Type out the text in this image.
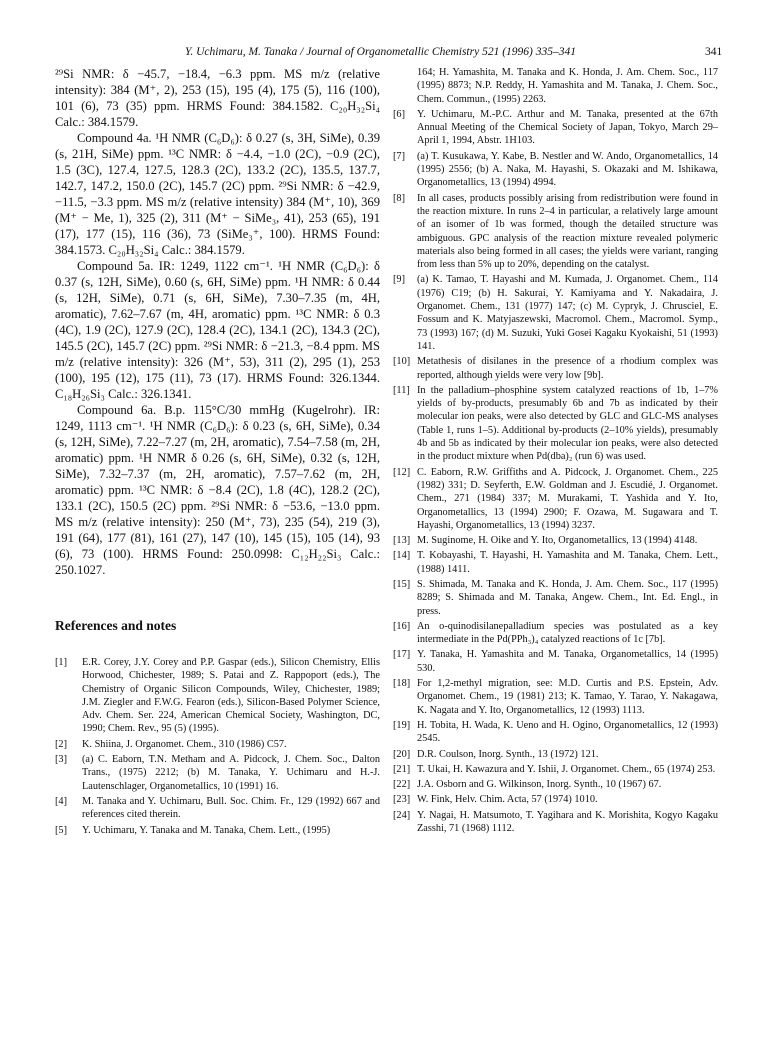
Y. Uchimaru, M. Tanaka / Journal of Organometallic Chemistry 521 (1996) 335–341	341

²⁹Si NMR: δ −45.7, −18.4, −6.3 ppm. MS m/z (relative intensity): 384 (M⁺, 2), 253 (15), 195 (4), 175 (5), 116 (100), 101 (6), 73 (35) ppm. HRMS Found: 384.1582. C₂₀H₃₂Si₄ Calc.: 384.1579.

Compound 4a. ¹H NMR (C₆D₆): δ 0.27 (s, 3H, SiMe), 0.39 (s, 21H, SiMe) ppm. ¹³C NMR: δ −4.4, −1.0 (2C), −0.9 (2C), 1.5 (3C), 127.4, 127.5, 128.3 (2C), 133.2 (2C), 135.5, 137.7, 142.7, 147.2, 150.0 (2C), 145.7 (2C) ppm. ²⁹Si NMR: δ −42.9, −11.5, −3.3 ppm. MS m/z (relative intensity) 384 (M⁺, 10), 369 (M⁺ − Me, 1), 325 (2), 311 (M⁺ − SiMe₃, 41), 253 (65), 191 (17), 177 (15), 116 (36), 73 (SiMe₃⁺, 100). HRMS Found: 384.1573. C₂₀H₃₂Si₄ Calc.: 384.1579.

Compound 5a. IR: 1249, 1122 cm⁻¹. ¹H NMR (C₆D₆): δ 0.37 (s, 12H, SiMe), 0.60 (s, 6H, SiMe) ppm. ¹H NMR: δ 0.44 (s, 12H, SiMe), 0.71 (s, 6H, SiMe), 7.30–7.35 (m, 4H, aromatic), 7.62–7.67 (m, 4H, aromatic) ppm. ¹³C NMR: δ 0.3 (4C), 1.9 (2C), 127.9 (2C), 128.4 (2C), 134.1 (2C), 134.3 (2C), 145.5 (2C), 145.7 (2C) ppm. ²⁹Si NMR: δ −21.3, −8.4 ppm. MS m/z (relative intensity): 326 (M⁺, 53), 311 (2), 295 (1), 253 (100), 195 (12), 175 (11), 73 (17). HRMS Found: 326.1344. C₁₈H₂₆Si₃ Calc.: 326.1341.

Compound 6a. B.p. 115°C/30 mmHg (Kugelrohr). IR: 1249, 1113 cm⁻¹. ¹H NMR (C₆D₆): δ 0.23 (s, 6H, SiMe), 0.34 (s, 12H, SiMe), 7.22–7.27 (m, 2H, aromatic), 7.54–7.58 (m, 2H, aromatic) ppm. ¹H NMR δ 0.26 (s, 6H, SiMe), 0.32 (s, 12H, SiMe), 7.32–7.37 (m, 2H, aromatic), 7.57–7.62 (m, 2H, aromatic) ppm. ¹³C NMR: δ −8.4 (2C), 1.8 (4C), 128.2 (2C), 133.1 (2C), 150.5 (2C) ppm. ²⁹Si NMR: δ −53.6, −13.0 ppm. MS m/z (relative intensity): 250 (M⁺, 73), 235 (54), 219 (3), 191 (64), 177 (81), 161 (27), 147 (10), 145 (15), 105 (14), 93 (6), 73 (100). HRMS Found: 250.0998: C₁₂H₂₂Si₃ Calc.: 250.1027.

References and notes
[1] E.R. Corey, J.Y. Corey and P.P. Gaspar (eds.), Silicon Chemistry, Ellis Horwood, Chichester, 1989; S. Patai and Z. Rappoport (eds.), The Chemistry of Organic Silicon Compounds, Wiley, Chichester, 1989; J.M. Ziegler and F.W.G. Fearon (eds.), Silicon-Based Polymer Science, Adv. Chem. Ser. 224, American Chemical Society, Washington, DC, 1990; Chem. Rev., 95 (5) (1995).
[2] K. Shiina, J. Organomet. Chem., 310 (1986) C57.
[3] (a) C. Eaborn, T.N. Metham and A. Pidcock, J. Chem. Soc., Dalton Trans., (1975) 2212; (b) M. Tanaka, Y. Uchimaru and H.-J. Lautenschlager, Organometallics, 10 (1991) 16.
[4] M. Tanaka and Y. Uchimaru, Bull. Soc. Chim. Fr., 129 (1992) 667 and references cited therein.
[5] Y. Uchimaru, Y. Tanaka and M. Tanaka, Chem. Lett., (1995)
164; H. Yamashita, M. Tanaka and K. Honda, J. Am. Chem. Soc., 117 (1995) 8873; N.P. Reddy, H. Yamashita and M. Tanaka, J. Chem. Soc., Chem. Commun., (1995) 2263.
[6] Y. Uchimaru, M.-P.C. Arthur and M. Tanaka, presented at the 67th Annual Meeting of the Chemical Society of Japan, Tokyo, March 29–April 1, 1994, Abstr. 1H103.
[7] (a) T. Kusukawa, Y. Kabe, B. Nestler and W. Ando, Organometallics, 14 (1995) 2556; (b) A. Naka, M. Hayashi, S. Okazaki and M. Ishikawa, Organometallics, 13 (1994) 4994.
[8] In all cases, products possibly arising from redistribution were found in the reaction mixture. In runs 2–4 in particular, a relatively large amount of an isomer of 1b was formed, though the detailed structure was ambiguous. GPC analysis of the reaction mixture revealed polymeric materials also being formed in all cases; the yields were variant, ranging from less than 5% up to 20%, depending on the catalyst.
[9] (a) K. Tamao, T. Hayashi and M. Kumada, J. Organomet. Chem., 114 (1976) C19; (b) H. Sakurai, Y. Kamiyama and Y. Nakadaira, J. Organomet. Chem., 131 (1977) 147; (c) M. Cypryk, J. Chrusciel, E. Fossum and K. Matyjaszewski, Macromol. Chem., Macromol. Symp., 73 (1993) 167; (d) M. Suzuki, Yuki Gosei Kagaku Kyokaishi, 51 (1993) 141.
[10] Metathesis of disilanes in the presence of a rhodium complex was reported, although yields were very low [9b].
[11] In the palladium–phosphine system catalyzed reactions of 1b, 1–7% yields of by-products, presumably 6b and 7b as indicated by their molecular ion peaks, were also detected by GLC and GLC-MS analyses (Table 1, runs 1–5). Additional by-products (2–10% yields), presumably 4b and 5b as indicated by their molecular ion peaks, were also detected in the product mixture when Pd(dba)₂ (run 6) was used.
[12] C. Eaborn, R.W. Griffiths and A. Pidcock, J. Organomet. Chem., 225 (1982) 331; D. Seyferth, E.W. Goldman and J. Escudié, J. Organomet. Chem., 271 (1984) 337; M. Murakami, T. Yashida and Y. Ito, Organometallics, 13 (1994) 2900; F. Ozawa, M. Sugawara and T. Hayashi, Organometallics, 13 (1994) 3237.
[13] M. Suginome, H. Oike and Y. Ito, Organometallics, 13 (1994) 4148.
[14] T. Kobayashi, T. Hayashi, H. Yamashita and M. Tanaka, Chem. Lett., (1988) 1411.
[15] S. Shimada, M. Tanaka and K. Honda, J. Am. Chem. Soc., 117 (1995) 8289; S. Shimada and M. Tanaka, Angew. Chem., Int. Ed. Engl., in press.
[16] An o-quinodisilanepalladium species was postulated as a key intermediate in the Pd(PPh₃)₄ catalyzed reactions of 1c [7b].
[17] Y. Tanaka, H. Yamashita and M. Tanaka, Organometallics, 14 (1995) 530.
[18] For 1,2-methyl migration, see: M.D. Curtis and P.S. Epstein, Adv. Organomet. Chem., 19 (1981) 213; K. Tamao, Y. Tarao, Y. Nakagawa, K. Nagata and Y. Ito, Organometallics, 12 (1993) 1113.
[19] H. Tobita, H. Wada, K. Ueno and H. Ogino, Organometallics, 12 (1993) 2545.
[20] D.R. Coulson, Inorg. Synth., 13 (1972) 121.
[21] T. Ukai, H. Kawazura and Y. Ishii, J. Organomet. Chem., 65 (1974) 253.
[22] J.A. Osborn and G. Wilkinson, Inorg. Synth., 10 (1967) 67.
[23] W. Fink, Helv. Chim. Acta, 57 (1974) 1010.
[24] Y. Nagai, H. Matsumoto, T. Yagihara and K. Morishita, Kogyo Kagaku Zasshi, 71 (1968) 1112.
